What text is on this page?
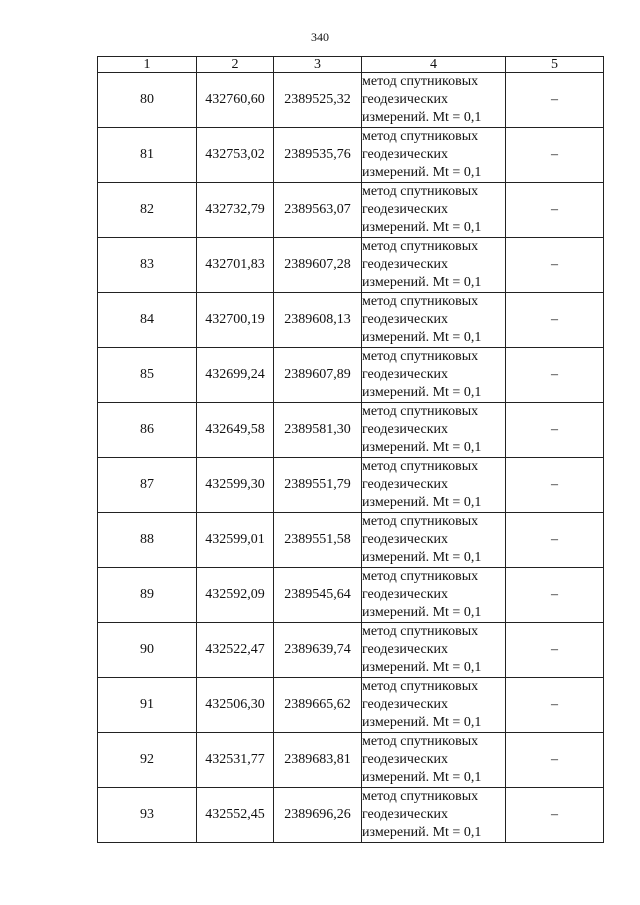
340
1	2	3	4	5
80	432760,60	2389525,32	метод спутниковых
геодезических
измерений. Mt = 0,1	–
81	432753,02	2389535,76	метод спутниковых
геодезических
измерений. Mt = 0,1	–
82	432732,79	2389563,07	метод спутниковых
геодезических
измерений. Mt = 0,1	–
83	432701,83	2389607,28	метод спутниковых
геодезических
измерений. Mt = 0,1	–
84	432700,19	2389608,13	метод спутниковых
геодезических
измерений. Mt = 0,1	–
85	432699,24	2389607,89	метод спутниковых
геодезических
измерений. Mt = 0,1	–
86	432649,58	2389581,30	метод спутниковых
геодезических
измерений. Mt = 0,1	–
87	432599,30	2389551,79	метод спутниковых
геодезических
измерений. Mt = 0,1	–
88	432599,01	2389551,58	метод спутниковых
геодезических
измерений. Mt = 0,1	–
89	432592,09	2389545,64	метод спутниковых
геодезических
измерений. Mt = 0,1	–
90	432522,47	2389639,74	метод спутниковых
геодезических
измерений. Mt = 0,1	–
91	432506,30	2389665,62	метод спутниковых
геодезических
измерений. Mt = 0,1	–
92	432531,77	2389683,81	метод спутниковых
геодезических
измерений. Mt = 0,1	–
93	432552,45	2389696,26	метод спутниковых
геодезических
измерений. Mt = 0,1	–
